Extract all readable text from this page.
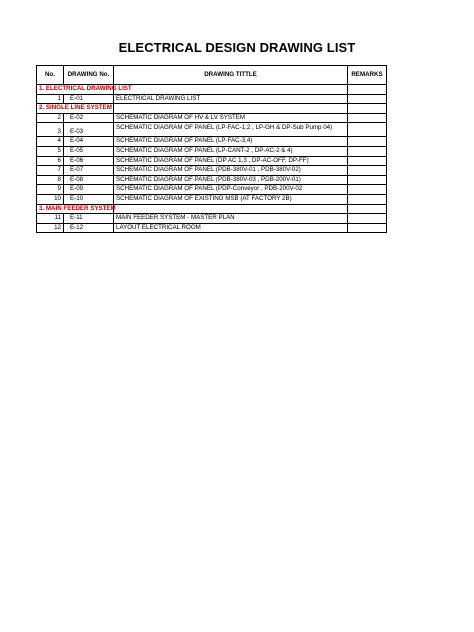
ELECTRICAL DESIGN DRAWING LIST
No.	DRAWING No.	DRAWING TITTLE	REMARKS
1. ELECTRICAL DRAWING LIST			
1	E-01	ELECTRICAL DRAWING LIST	
2. SINGLE LINE SYSTEM			
2	E-02	SCHEMATIC DIAGRAM OF HV & LV SYSTEM	
3	E-03	SCHEMATIC DIAGRAM OF PANEL (LP-FAC-1,2 , LP-GH & DP-Sub Pump 04)	
4	E-04	SCHEMATIC DIAGRAM OF PANEL (LP-FAC-3,4)	
5	E-05	SCHEMATIC DIAGRAM OF PANEL (LP-CANT-2 , DP-AC-2 & 4)	
6	E-06	SCHEMATIC DIAGRAM OF PANEL (DP AC 1,3 , DP-AC-OFF, DP-FF)	
7	E-07	SCHEMATIC DIAGRAM OF PANEL (PDB-380V-01 , PDB-380V-02)	
8	E-08	SCHEMATIC DIAGRAM OF PANEL (PDB-380V-03 , PDB-200V-01)	
9	E-09	SCHEMATIC DIAGRAM OF PANEL (PDP-Conveyor , PDB-200V-02	
10	E-10	SCHEMATIC DIAGRAM OF EXISTING MSB (AT FACTORY 2B)	
3. MAIN FEEDER SYSTEM			
11	E-11	MAIN FEEDER SYSTEM - MASTER PLAN	
12	E-12	LAYOUT ELECTRICAL ROOM	
